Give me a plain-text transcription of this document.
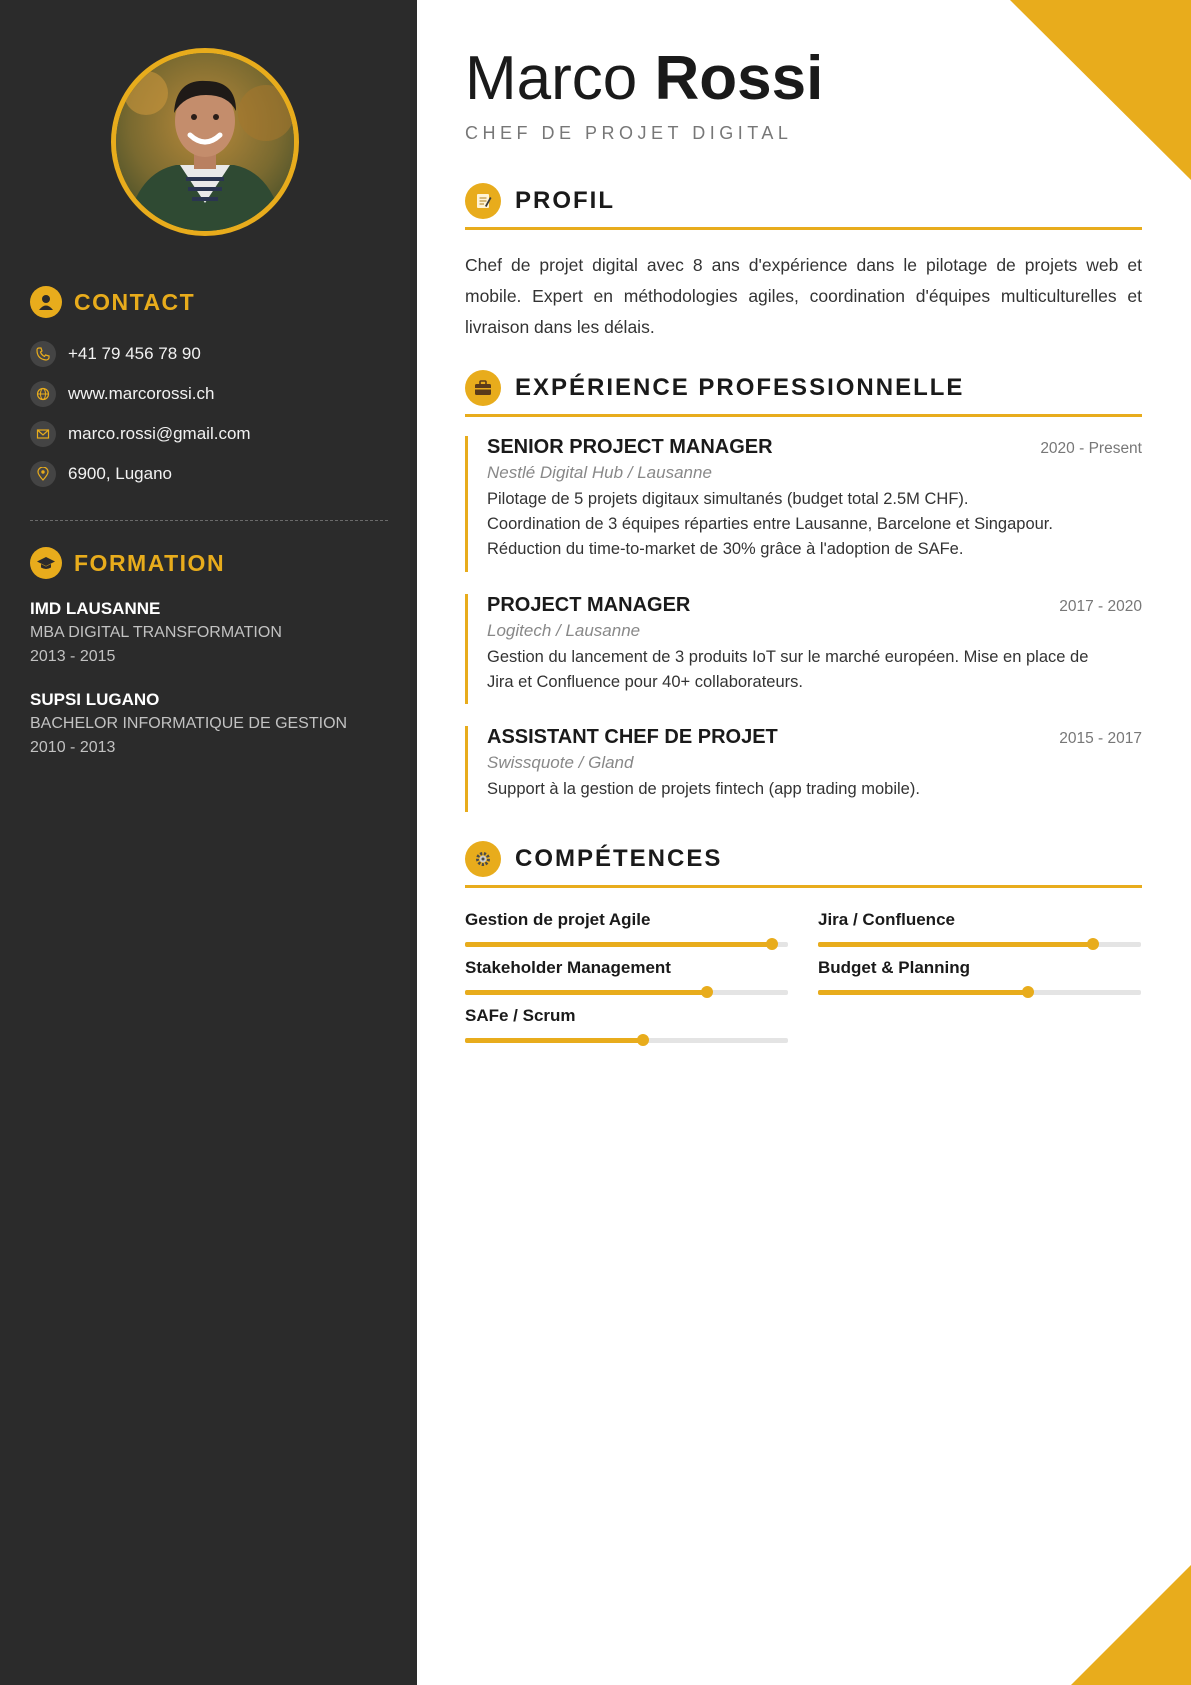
CONTACT
+41 79 456 78 90
www.marcorossi.ch
marco.rossi@gmail.com
6900, Lugano
FORMATION
IMD LAUSANNE
MBA DIGITAL TRANSFORMATION
2013 - 2015
SUPSI LUGANO
BACHELOR INFORMATIQUE DE GESTION
2010 - 2013
Marco Rossi
CHEF DE PROJET DIGITAL
PROFIL
Chef de projet digital avec 8 ans d'expérience dans le pilotage de projets web et mobile. Expert en méthodologies agiles, coordination d'équipes multiculturelles et livraison dans les délais.
EXPÉRIENCE PROFESSIONNELLE
SENIOR PROJECT MANAGER	2020 - Present
Nestlé Digital Hub / Lausanne
Pilotage de 5 projets digitaux simultanés (budget total 2.5M CHF).
Coordination de 3 équipes réparties entre Lausanne, Barcelone et Singapour.
Réduction du time-to-market de 30% grâce à l'adoption de SAFe.
PROJECT MANAGER	2017 - 2020
Logitech / Lausanne
Gestion du lancement de 3 produits IoT sur le marché européen. Mise en place de Jira et Confluence pour 40+ collaborateurs.
ASSISTANT CHEF DE PROJET	2015 - 2017
Swissquote / Gland
Support à la gestion de projets fintech (app trading mobile).
COMPÉTENCES
Gestion de projet Agile	Jira / Confluence
Stakeholder Management	Budget & Planning
SAFe / Scrum
